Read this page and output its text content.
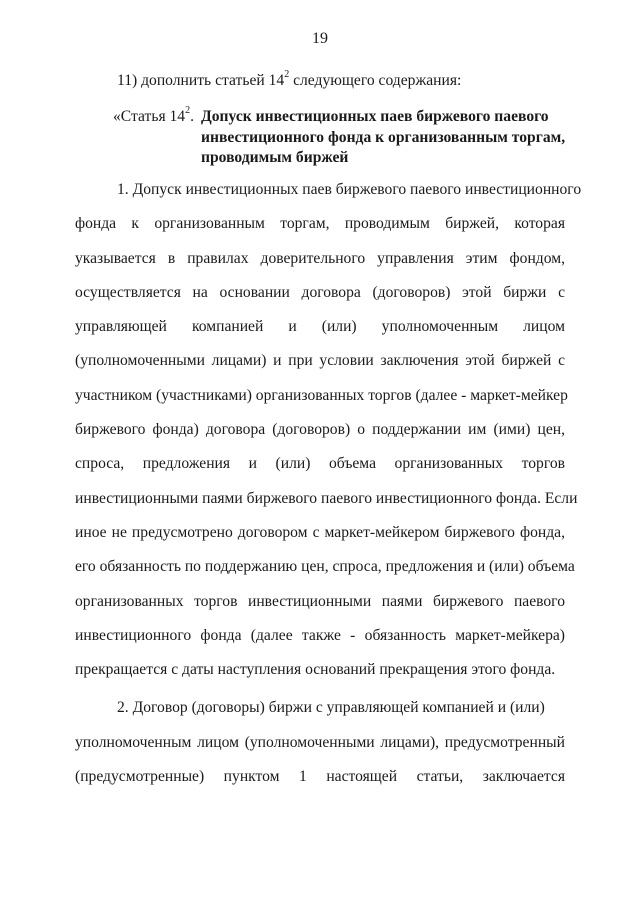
19
11) дополнить статьей $14^2$ следующего содержания:
«Статья $14^2$. Допуск инвестиционных паев биржевого паевого
инвестиционного фонда к организованным торгам,
проводимым биржей
1. Допуск инвестиционных паев биржевого паевого инвестиционного
фонда к организованным торгам, проводимым биржей, которая
указывается в правилах доверительного управления этим фондом,
осуществляется на основании договора (договоров) этой биржи с
управляющей компанией и (или) уполномоченным лицом
(уполномоченными лицами) и при условии заключения этой биржей с
участником (участниками) организованных торгов (далее - маркет-мейкер
биржевого фонда) договора (договоров) о поддержании им (ими) цен,
спроса, предложения и (или) объема организованных торгов
инвестиционными паями биржевого паевого инвестиционного фонда. Если
иное не предусмотрено договором с маркет-мейкером биржевого фонда,
его обязанность по поддержанию цен, спроса, предложения и (или) объема
организованных торгов инвестиционными паями биржевого паевого
инвестиционного фонда (далее также - обязанность маркет-мейкера)
прекращается с даты наступления оснований прекращения этого фонда.
2. Договор (договоры) биржи с управляющей компанией и (или)
уполномоченным лицом (уполномоченными лицами), предусмотренный
(предусмотренные) пунктом 1 настоящей статьи, заключается
